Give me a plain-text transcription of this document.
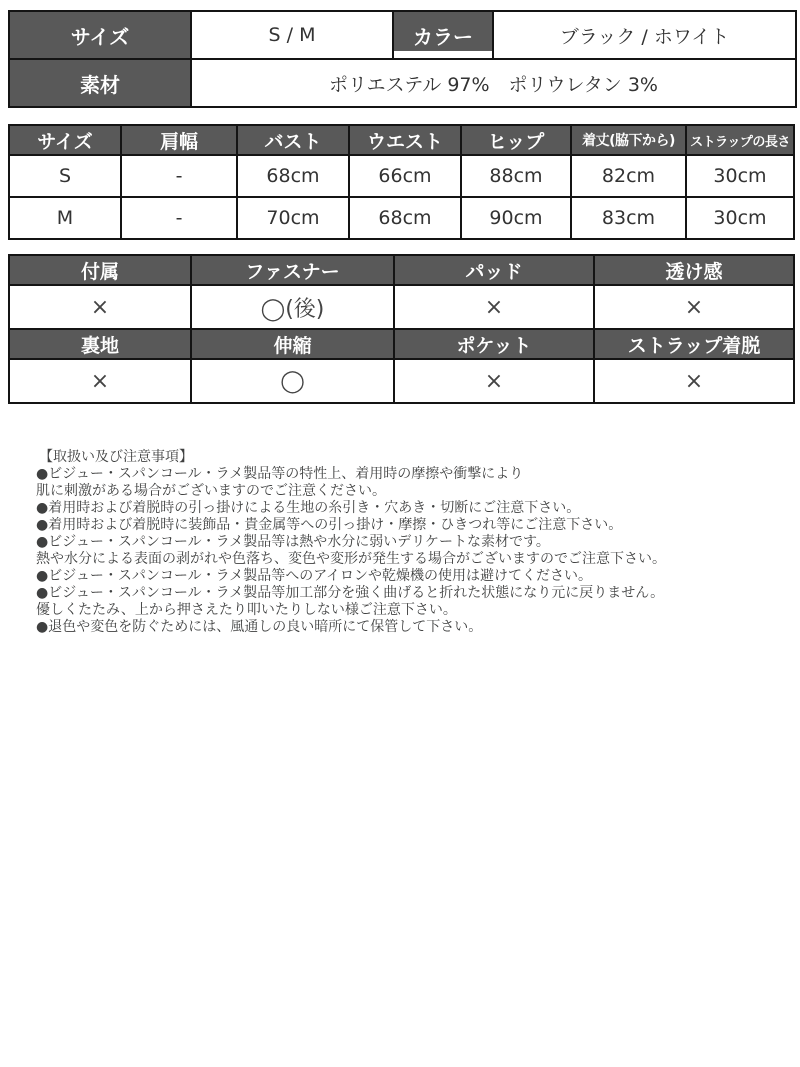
サイズ	S / M	カラー	ブラック / ホワイト
素材	ポリエステル 97%　ポリウレタン 3%		
サイズ	肩幅	バスト	ウエスト	ヒップ	着丈(脇下から)	ストラップの長さ
S	-	68cm	66cm	88cm	82cm	30cm
M	-	70cm	68cm	90cm	83cm	30cm
付属	ファスナー	パッド	透け感
×	◯(後)	×	×
裏地	伸縮	ポケット	ストラップ着脱
×	◯	×	×
【取扱い及び注意事項】
●ビジュー・スパンコール・ラメ製品等の特性上、着用時の摩擦や衝撃により
肌に刺激がある場合がございますのでご注意ください。
●着用時および着脱時の引っ掛けによる生地の糸引き・穴あき・切断にご注意下さい。
●着用時および着脱時に装飾品・貴金属等への引っ掛け・摩擦・ひきつれ等にご注意下さい。
●ビジュー・スパンコール・ラメ製品等は熱や水分に弱いデリケートな素材です。
熱や水分による表面の剥がれや色落ち、変色や変形が発生する場合がございますのでご注意下さい。
●ビジュー・スパンコール・ラメ製品等へのアイロンや乾燥機の使用は避けてください。
●ビジュー・スパンコール・ラメ製品等加工部分を強く曲げると折れた状態になり元に戻りません。
優しくたたみ、上から押さえたり叩いたりしない様ご注意下さい。
●退色や変色を防ぐためには、風通しの良い暗所にて保管して下さい。
